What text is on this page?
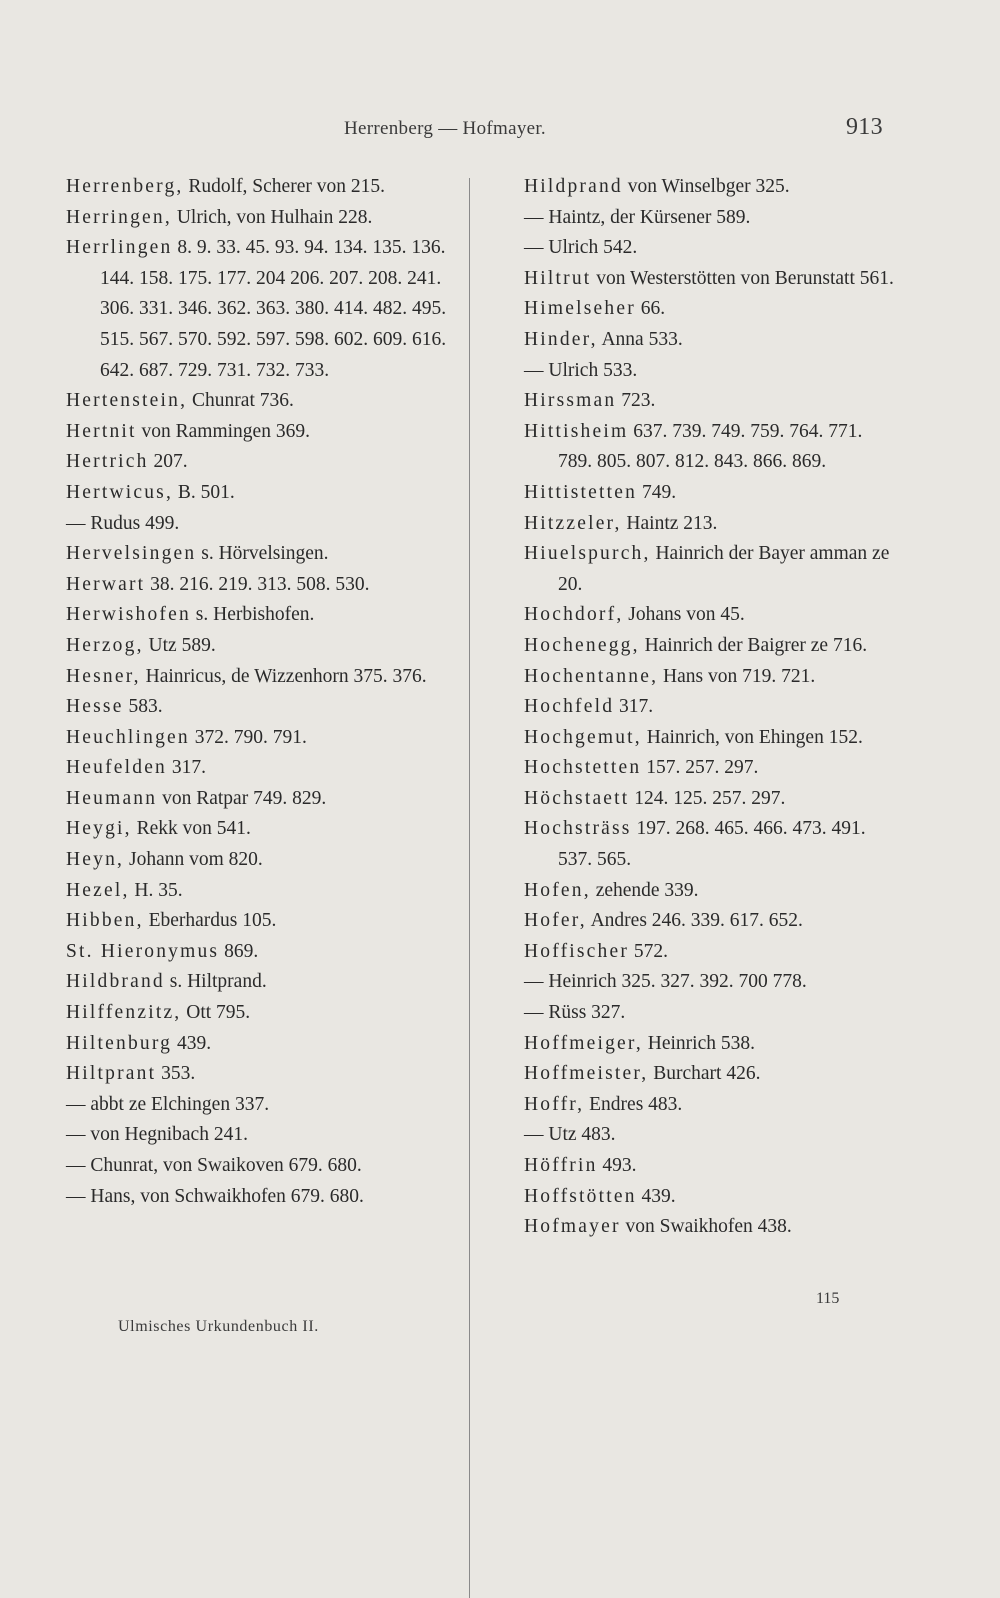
Herrenberg — Hofmayer.	913

Herrenberg, Rudolf, Scherer von 215.

Herringen, Ulrich, von Hulhain 228.

Herrlingen 8. 9. 33. 45. 93. 94. 134. 135. 136. 144. 158. 175. 177. 204 206. 207. 208. 241. 306. 331. 346. 362. 363. 380. 414. 482. 495. 515. 567. 570. 592. 597. 598. 602. 609. 616. 642. 687. 729. 731. 732. 733.

Hertenstein, Chunrat 736.

Hertnit von Rammingen 369.

Hertrich 207.

Hertwicus, B. 501.

— Rudus 499.

Hervelsingen s. Hörvelsingen.

Herwart 38. 216. 219. 313. 508. 530.

Herwishofen s. Herbishofen.

Herzog, Utz 589.

Hesner, Hainricus, de Wizzenhorn 375. 376.

Hesse 583.

Heuchlingen 372. 790. 791.

Heufelden 317.

Heumann von Ratpar 749. 829.

Heygi, Rekk von 541.

Heyn, Johann vom 820.

Hezel, H. 35.

Hibben, Eberhardus 105.

St. Hieronymus 869.

Hildbrand s. Hiltprand.

Hilffenzitz, Ott 795.

Hiltenburg 439.

Hiltprant 353.

— abbt ze Elchingen 337.

— von Hegnibach 241.

— Chunrat, von Swaikoven 679. 680.

— Hans, von Schwaikhofen 679. 680.

Hildprand von Winselbger 325.

— Haintz, der Kürsener 589.

— Ulrich 542.

Hiltrut von Westerstötten von Berunstatt 561.

Himelseher 66.

Hinder, Anna 533.

— Ulrich 533.

Hirssman 723.

Hittisheim 637. 739. 749. 759. 764. 771. 789. 805. 807. 812. 843. 866. 869.

Hittistetten 749.

Hitzzeler, Haintz 213.

Hiuelspurch, Hainrich der Bayer amman ze 20.

Hochdorf, Johans von 45.

Hochenegg, Hainrich der Baigrer ze 716.

Hochentanne, Hans von 719. 721.

Hochfeld 317.

Hochgemut, Hainrich, von Ehingen 152.

Hochstetten 157. 257. 297.

Höchstaett 124. 125. 257. 297.

Hochsträss 197. 268. 465. 466. 473. 491. 537. 565.

Hofen, zehende 339.

Hofer, Andres 246. 339. 617. 652.

Hoffischer 572.

— Heinrich 325. 327. 392. 700 778.

— Rüss 327.

Hoffmeiger, Heinrich 538.

Hoffmeister, Burchart 426.

Hoffr, Endres 483.

— Utz 483.

Höffrin 493.

Hoffstötten 439.

Hofmayer von Swaikhofen 438.

Ulmisches Urkundenbuch II.
115
